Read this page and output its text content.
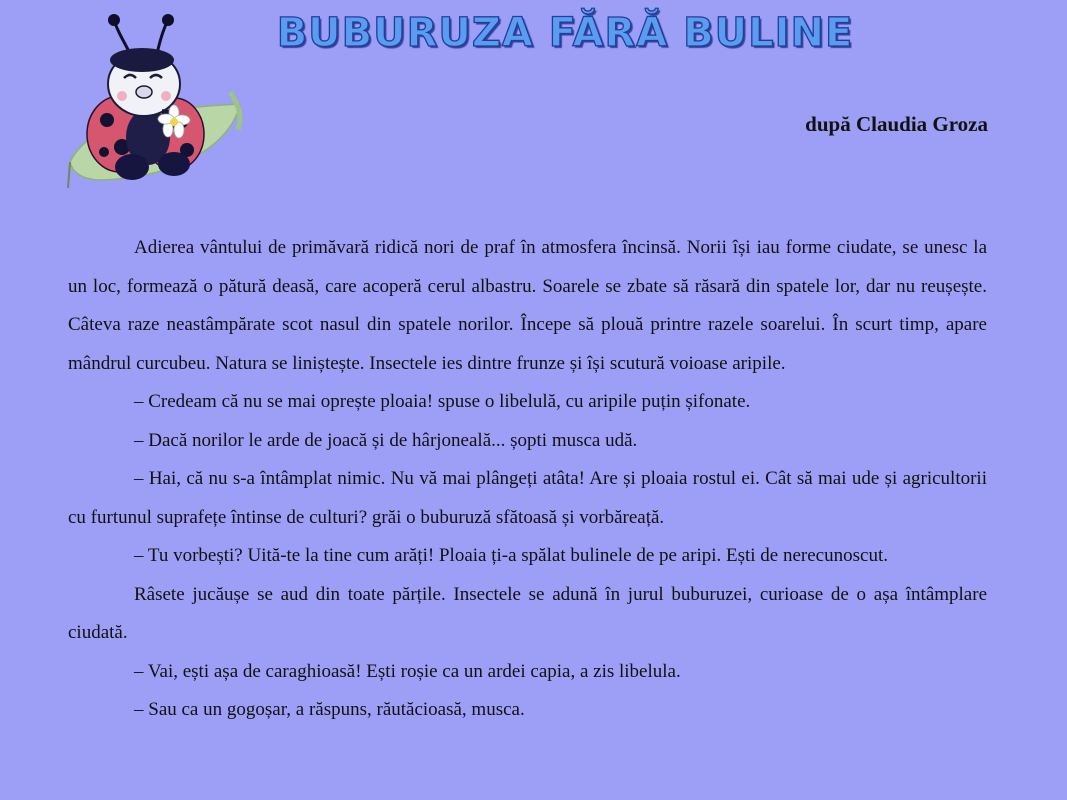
BUBURUZA FĂRĂ BULINE

după Claudia Groza

Adierea vântului de primăvară ridică nori de praf în atmosfera încinsă. Norii își iau forme ciudate, se unesc la un loc, formează o pătură deasă, care acoperă cerul albastru. Soarele se zbate să răsară din spatele lor, dar nu reușește. Câteva raze neastâmpărate scot nasul din spatele norilor. Începe să plouă printre razele soarelui. În scurt timp, apare mândrul curcubeu. Natura se liniștește. Insectele ies dintre frunze și își scutură voioase aripile.

– Credeam că nu se mai oprește ploaia! spuse o libelulă, cu aripile puțin șifonate.

– Dacă norilor le arde de joacă și de hârjoneală... șopti musca udă.

– Hai, că nu s-a întâmplat nimic. Nu vă mai plângeți atâta! Are și ploaia rostul ei. Cât să mai ude și agricultorii cu furtunul suprafețe întinse de culturi? grăi o buburuză sfătoasă și vorbăreață.

– Tu vorbești? Uită-te la tine cum arăți! Ploaia ți-a spălat bulinele de pe aripi. Ești de nerecunoscut.

Râsete jucăușe se aud din toate părțile. Insectele se adună în jurul buburuzei, curioase de o așa întâmplare ciudată.

– Vai, ești așa de caraghioasă! Ești roșie ca un ardei capia, a zis libelula.

– Sau ca un gogoșar, a răspuns, răutăcioasă, musca.
